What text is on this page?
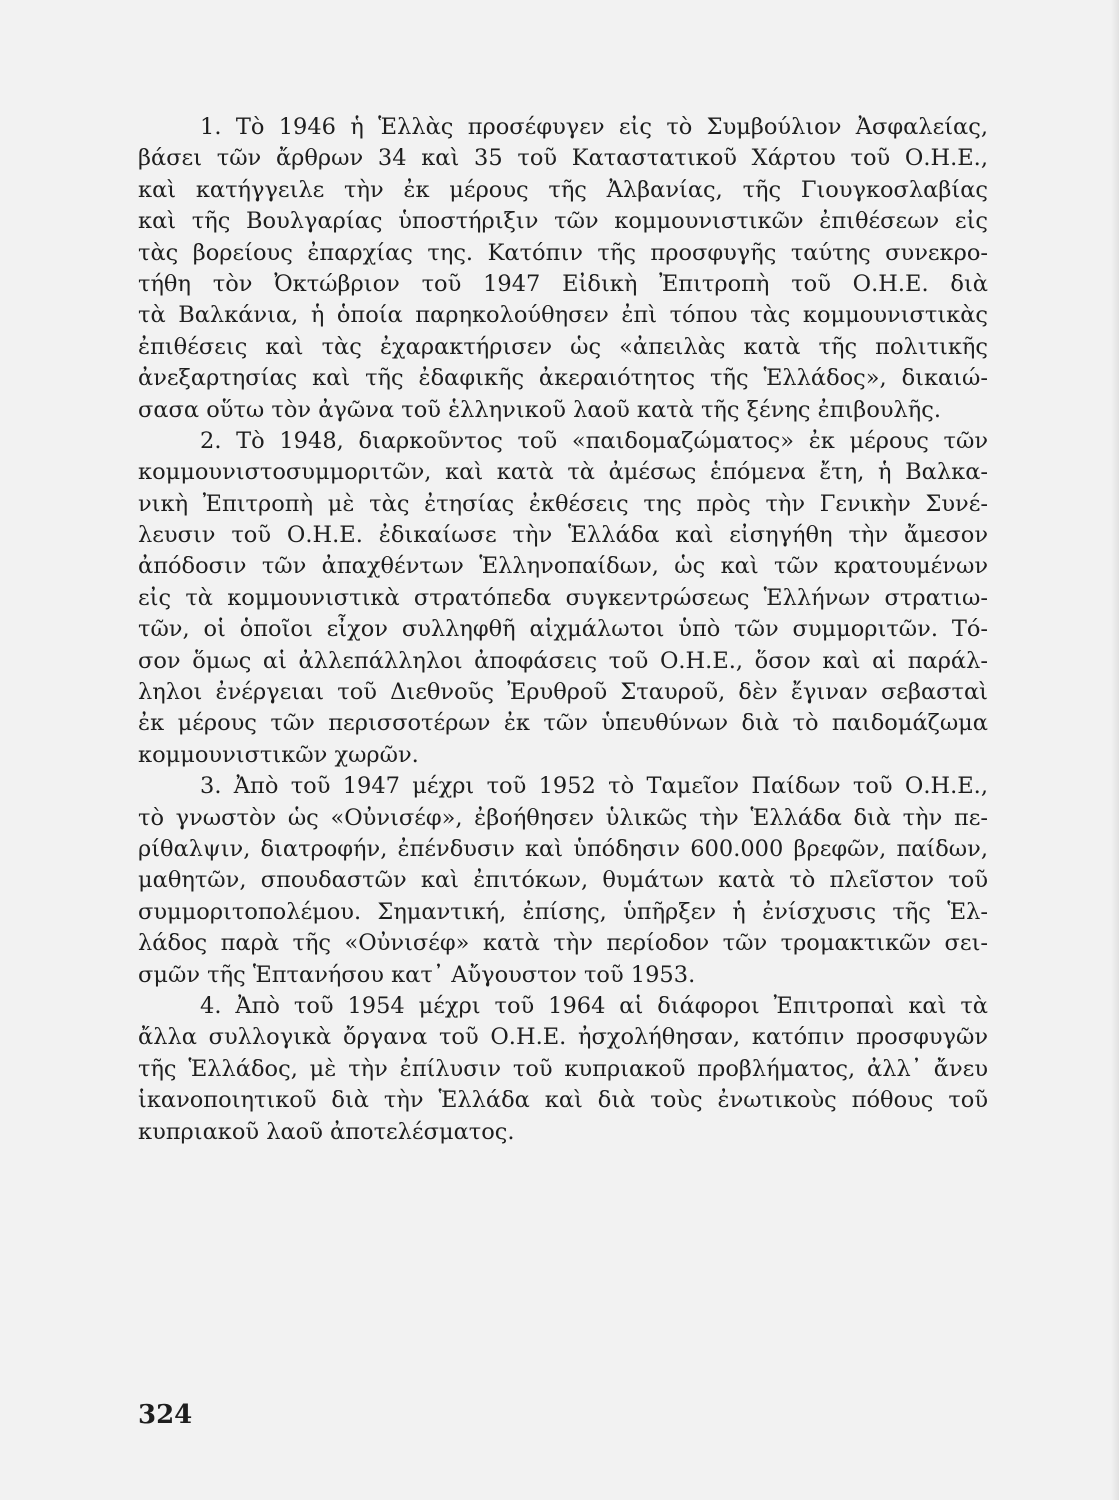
1. Τὸ 1946 ἡ Ἑλλὰς προσέφυγεν εἰς τὸ Συμβούλιον Ἀσφαλείας,
βάσει τῶν ἄρθρων 34 καὶ 35 τοῦ Καταστατικοῦ Χάρτου τοῦ Ο.Η.Ε.,
καὶ κατήγγειλε τὴν ἐκ μέρους τῆς Ἀλβανίας, τῆς Γιουγκοσλαβίας
καὶ τῆς Βουλγαρίας ὑποστήριξιν τῶν κομμουνιστικῶν ἐπιθέσεων εἰς
τὰς βορείους ἐπαρχίας της. Κατόπιν τῆς προσφυγῆς ταύτης συνεκρο-
τήθη τὸν Ὀκτώβριον τοῦ 1947 Εἰδικὴ Ἐπιτροπὴ τοῦ Ο.Η.Ε. διὰ
τὰ Βαλκάνια, ἡ ὁποία παρηκολούθησεν ἐπὶ τόπου τὰς κομμουνιστικὰς
ἐπιθέσεις καὶ τὰς ἐχαρακτήρισεν ὡς «ἀπειλὰς κατὰ τῆς πολιτικῆς
ἀνεξαρτησίας καὶ τῆς ἐδαφικῆς ἀκεραιότητος τῆς Ἑλλάδος», δικαιώ-
σασα οὕτω τὸν ἀγῶνα τοῦ ἑλληνικοῦ λαοῦ κατὰ τῆς ξένης ἐπιβουλῆς.
2. Τὸ 1948, διαρκοῦντος τοῦ «παιδομαζώματος» ἐκ μέρους τῶν
κομμουνιστοσυμμοριτῶν, καὶ κατὰ τὰ ἀμέσως ἑπόμενα ἔτη, ἡ Βαλκα-
νικὴ Ἐπιτροπὴ μὲ τὰς ἐτησίας ἐκθέσεις της πρὸς τὴν Γενικὴν Συνέ-
λευσιν τοῦ Ο.Η.Ε. ἐδικαίωσε τὴν Ἑλλάδα καὶ εἰσηγήθη τὴν ἄμεσον
ἀπόδοσιν τῶν ἀπαχθέντων Ἑλληνοπαίδων, ὡς καὶ τῶν κρατουμένων
εἰς τὰ κομμουνιστικὰ στρατόπεδα συγκεντρώσεως Ἑλλήνων στρατιω-
τῶν, οἱ ὁποῖοι εἶχον συλληφθῆ αἰχμάλωτοι ὑπὸ τῶν συμμοριτῶν. Τό-
σον ὅμως αἱ ἀλλεπάλληλοι ἀποφάσεις τοῦ Ο.Η.Ε., ὅσον καὶ αἱ παράλ-
ληλοι ἐνέργειαι τοῦ Διεθνοῦς Ἐρυθροῦ Σταυροῦ, δὲν ἔγιναν σεβασταὶ
ἐκ μέρους τῶν περισσοτέρων ἐκ τῶν ὑπευθύνων διὰ τὸ παιδομάζωμα
κομμουνιστικῶν χωρῶν.
3. Ἀπὸ τοῦ 1947 μέχρι τοῦ 1952 τὸ Ταμεῖον Παίδων τοῦ Ο.Η.Ε.,
τὸ γνωστὸν ὡς «Οὐνισέφ», ἐβοήθησεν ὑλικῶς τὴν Ἑλλάδα διὰ τὴν πε-
ρίθαλψιν, διατροφήν, ἐπένδυσιν καὶ ὑπόδησιν 600.000 βρεφῶν, παίδων,
μαθητῶν, σπουδαστῶν καὶ ἐπιτόκων, θυμάτων κατὰ τὸ πλεῖστον τοῦ
συμμοριτοπολέμου. Σημαντική, ἐπίσης, ὑπῆρξεν ἡ ἐνίσχυσις τῆς Ἑλ-
λάδος παρὰ τῆς «Οὐνισέφ» κατὰ τὴν περίοδον τῶν τρομακτικῶν σει-
σμῶν τῆς Ἑπτανήσου κατ᾽ Αὔγουστον τοῦ 1953.
4. Ἀπὸ τοῦ 1954 μέχρι τοῦ 1964 αἱ διάφοροι Ἐπιτροπαὶ καὶ τὰ
ἄλλα συλλογικὰ ὄργανα τοῦ Ο.Η.Ε. ἠσχολήθησαν, κατόπιν προσφυγῶν
τῆς Ἑλλάδος, μὲ τὴν ἐπίλυσιν τοῦ κυπριακοῦ προβλήματος, ἀλλ᾽ ἄνευ
ἱκανοποιητικοῦ διὰ τὴν Ἑλλάδα καὶ διὰ τοὺς ἐνωτικοὺς πόθους τοῦ
κυπριακοῦ λαοῦ ἀποτελέσματος.
324
